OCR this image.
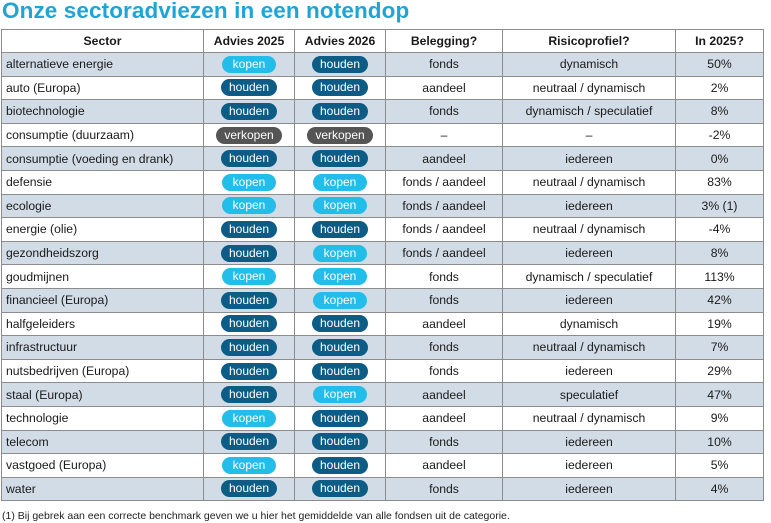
Onze sectoradviezen in een notendop
Sector	Advies 2025	Advies 2026	Belegging?	Risicoprofiel?	In 2025?
alternatieve energie	kopen	houden	fonds	dynamisch	50%
auto (Europa)	houden	houden	aandeel	neutraal / dynamisch	2%
biotechnologie	houden	houden	fonds	dynamisch / speculatief	8%
consumptie (duurzaam)	verkopen	verkopen	–	–	-2%
consumptie (voeding en drank)	houden	houden	aandeel	iedereen	0%
defensie	kopen	kopen	fonds / aandeel	neutraal / dynamisch	83%
ecologie	kopen	kopen	fonds / aandeel	iedereen	3% (1)
energie (olie)	houden	houden	fonds / aandeel	neutraal / dynamisch	-4%
gezondheidszorg	houden	kopen	fonds / aandeel	iedereen	8%
goudmijnen	kopen	kopen	fonds	dynamisch / speculatief	113%
financieel (Europa)	houden	kopen	fonds	iedereen	42%
halfgeleiders	houden	houden	aandeel	dynamisch	19%
infrastructuur	houden	houden	fonds	neutraal / dynamisch	7%
nutsbedrijven (Europa)	houden	houden	fonds	iedereen	29%
staal (Europa)	houden	kopen	aandeel	speculatief	47%
technologie	kopen	houden	aandeel	neutraal / dynamisch	9%
telecom	houden	houden	fonds	iedereen	10%
vastgoed (Europa)	kopen	houden	aandeel	iedereen	5%
water	houden	houden	fonds	iedereen	4%
(1) Bij gebrek aan een correcte benchmark geven we u hier het gemiddelde van alle fondsen uit de categorie.
